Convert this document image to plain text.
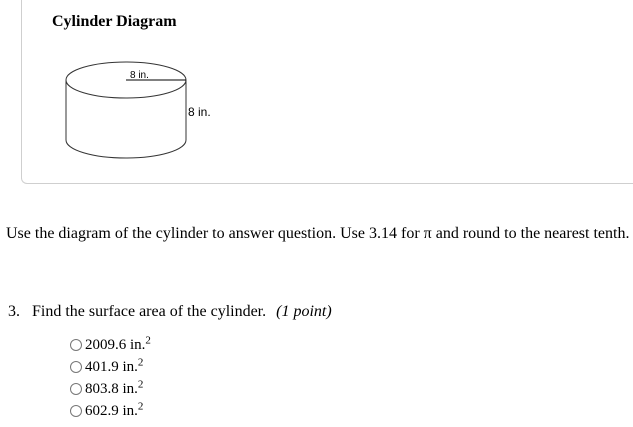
Cylinder Diagram
8 in.
8 in.
Use the diagram of the cylinder to answer question. Use 3.14 for π and round to the nearest tenth.
3. Find the surface area of the cylinder. (1 point)
2009.6 in.$^2$
401.9 in.$^2$
803.8 in.$^2$
602.9 in.$^2$
